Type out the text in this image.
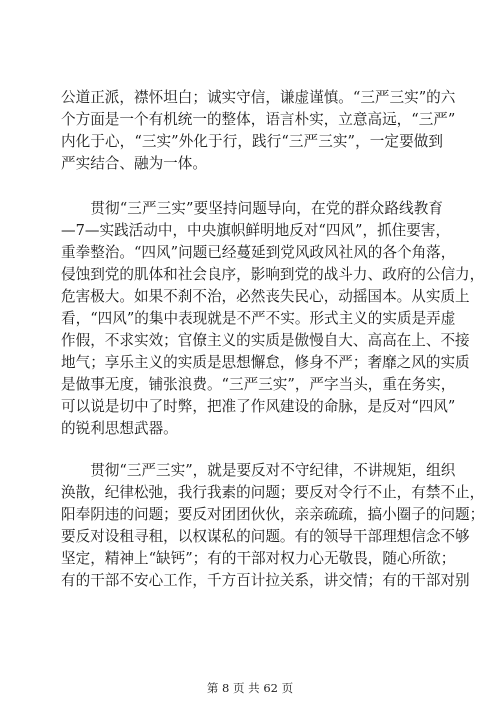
公道正派，襟怀坦白；诚实守信，谦虚谨慎。“三严三实”的六
个方面是一个有机统一的整体，语言朴实，立意高远，“三严”
内化于心，“三实”外化于行，践行“三严三实”，一定要做到
严实结合、融为一体。
　　贯彻“三严三实”要坚持问题导向，在党的群众路线教育
—7—实践活动中，中央旗帜鲜明地反对“四风”，抓住要害，
重拳整治。“四风”问题已经蔓延到党风政风社风的各个角落，
侵蚀到党的肌体和社会良序，影响到党的战斗力、政府的公信力，
危害极大。如果不刹不治，必然丧失民心，动摇国本。从实质上
看，“四风”的集中表现就是不严不实。形式主义的实质是弄虚
作假，不求实效；官僚主义的实质是傲慢自大、高高在上、不接
地气；享乐主义的实质是思想懈怠，修身不严；奢靡之风的实质
是做事无度，铺张浪费。“三严三实”，严字当头，重在务实，
可以说是切中了时弊，把准了作风建设的命脉，是反对“四风”
的锐利思想武器。
　　贯彻“三严三实”，就是要反对不守纪律，不讲规矩，组织
涣散，纪律松弛，我行我素的问题；要反对令行不止，有禁不止，
阳奉阴违的问题；要反对团团伙伙，亲亲疏疏，搞小圈子的问题；
要反对设租寻租，以权谋私的问题。有的领导干部理想信念不够
坚定，精神上“缺钙”；有的干部对权力心无敬畏，随心所欲；
有的干部不安心工作，千方百计拉关系，讲交情；有的干部对别
第 8 页 共 62 页
